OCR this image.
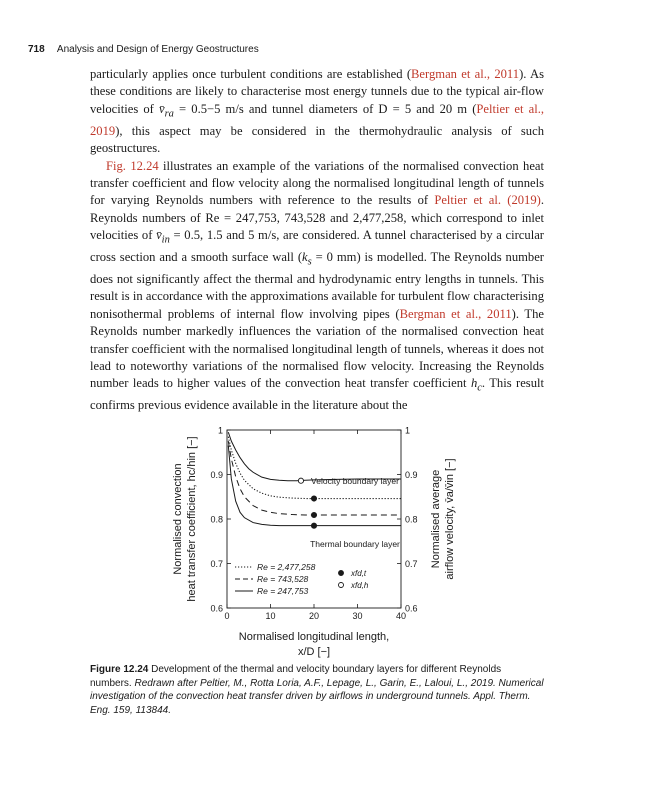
718 Analysis and Design of Energy Geostructures

particularly applies once turbulent conditions are established (Bergman et al., 2011). As these conditions are likely to characterise most energy tunnels due to the typical air-flow velocities of $v̄_{ra} = 0.5-5$ m/s and tunnel diameters of D = 5 and 20 m (Peltier et al., 2019), this aspect may be considered in the thermohydraulic analysis of such geostructures.

Fig. 12.24 illustrates an example of the variations of the normalised convection heat transfer coefficient and flow velocity along the normalised longitudinal length of tunnels for varying Reynolds numbers with reference to the results of Peltier et al. (2019). Reynolds numbers of Re = 247,753, 743,528 and 2,477,258, which correspond to inlet velocities of $v̄_{in} = 0.5$, 1.5 and 5 m/s, are considered. A tunnel characterised by a circular cross section and a smooth surface wall ($k_s = 0$ mm) is modelled. The Reynolds number does not significantly affect the thermal and hydrodynamic entry lengths in tunnels. This result is in accordance with the approximations available for turbulent flow characterising nonisothermal problems of internal flow involving pipes (Bergman et al., 2011). The Reynolds number markedly influences the variation of the normalised convection heat transfer coefficient with the normalised longitudinal length of tunnels, whereas it does not lead to noteworthy variations of the normalised flow velocity. Increasing the Reynolds number leads to higher values of the convection heat transfer coefficient $h_c$. This result confirms previous evidence available in the literature about the

0	10	20	30	40
0.6	0.6
0.7	0.7
0.8	0.8
0.9	0.9
1	1
Velocity boundary layer
Thermal boundary layer
Normalised longitudinal length,
x/D [−]
Normalised convection heat transfer coefficient, hc/hin [−]	Normalised average airflow velocity, v̄a/v̄in [−]
Re = 2,477,258
Re = 743,528
Re = 247,753
xfd,t
xfd,h
Figure 12.24 Development of the thermal and velocity boundary layers for different Reynolds numbers. Redrawn after Peltier, M., Rotta Loria, A.F., Lepage, L., Garin, E., Laloui, L., 2019. Numerical investigation of the convection heat transfer driven by airflows in underground tunnels. Appl. Therm. Eng. 159, 113844.
